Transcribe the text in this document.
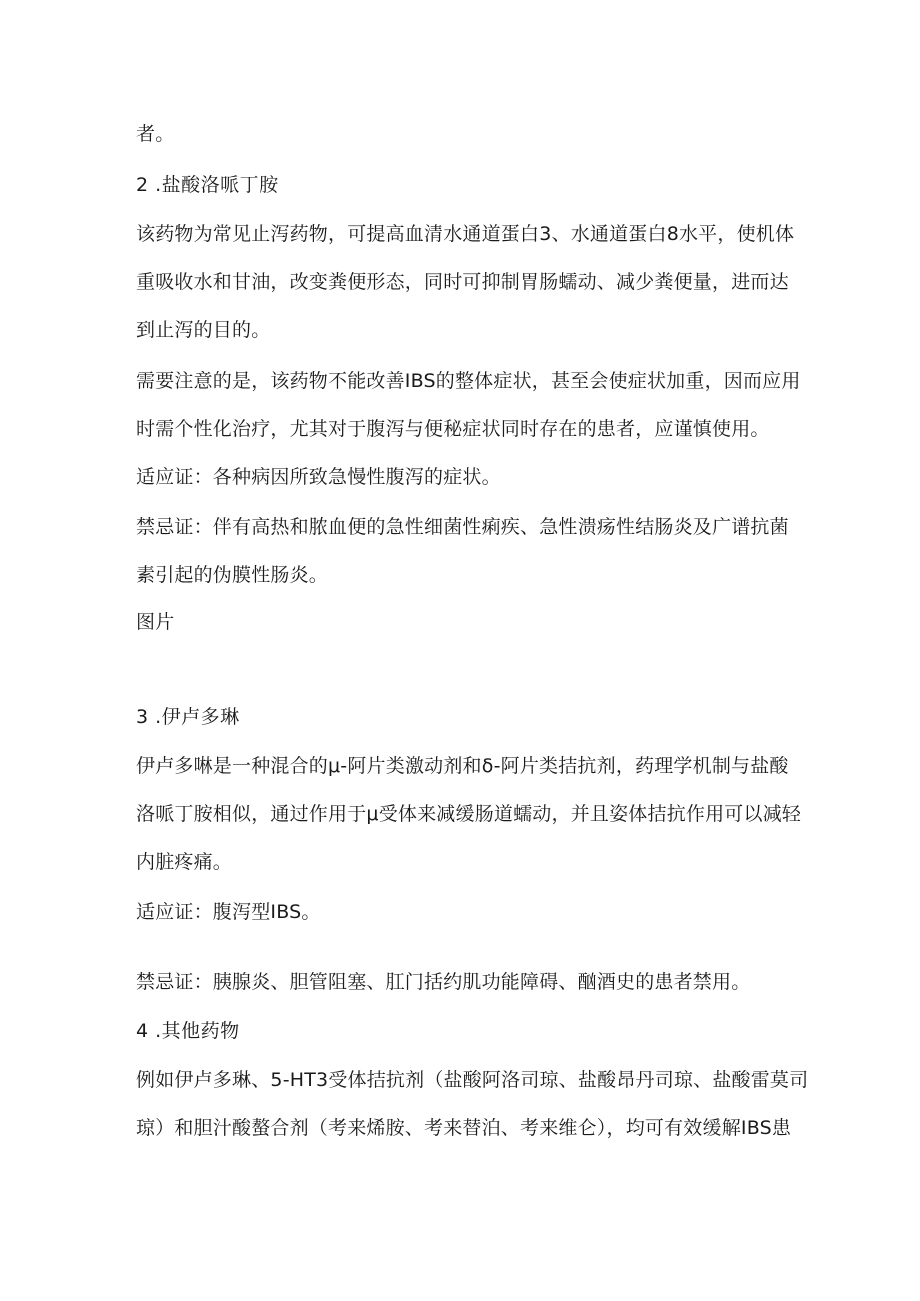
者。
2 .盐酸洛哌丁胺
该药物为常见止泻药物，可提高血清水通道蛋白3、水通道蛋白8水平，使机体
重吸收水和甘油，改变粪便形态，同时可抑制胃肠蠕动、减少粪便量，进而达
到止泻的目的。
需要注意的是，该药物不能改善IBS的整体症状，甚至会使症状加重，因而应用
时需个性化治疗，尤其对于腹泻与便秘症状同时存在的患者，应谨慎使用。
适应证：各种病因所致急慢性腹泻的症状。
禁忌证：伴有高热和脓血便的急性细菌性痢疾、急性溃疡性结肠炎及广谱抗菌
素引起的伪膜性肠炎。
图片
3 .伊卢多琳
伊卢多啉是一种混合的μ-阿片类激动剂和δ-阿片类拮抗剂，药理学机制与盐酸
洛哌丁胺相似，通过作用于μ受体来减缓肠道蠕动，并且姿体拮抗作用可以减轻
内脏疼痛。
适应证：腹泻型IBS。
禁忌证：胰腺炎、胆管阻塞、肛门括约肌功能障碍、酗酒史的患者禁用。
4 .其他药物
例如伊卢多琳、5-HT3受体拮抗剂（盐酸阿洛司琼、盐酸昂丹司琼、盐酸雷莫司
琼）和胆汁酸螯合剂（考来烯胺、考来替泊、考来维仑），均可有效缓解IBS患
